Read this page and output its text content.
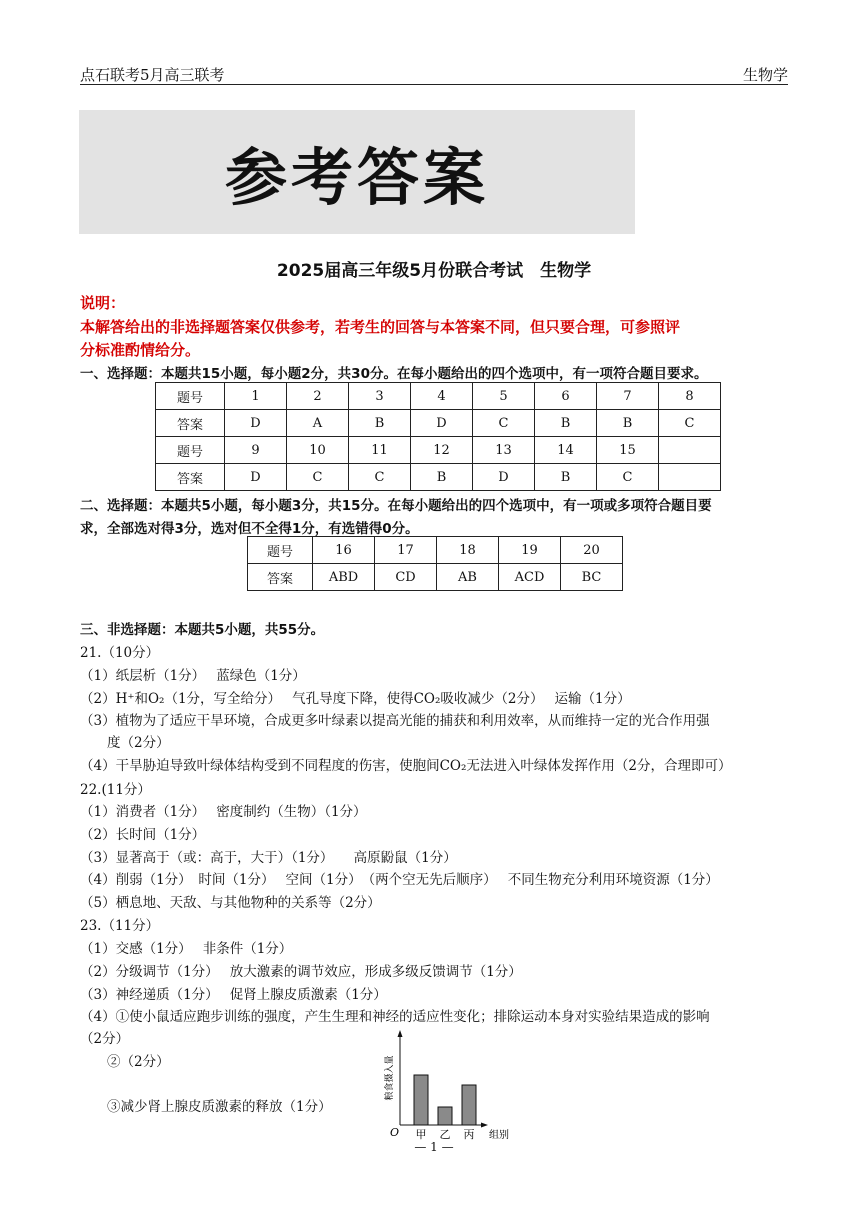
点石联考5月高三联考	生物学
参考答案
2025届高三年级5月份联合考试　生物学
说明：
本解答给出的非选择题答案仅供参考，若考生的回答与本答案不同，但只要合理，可参照评
分标准酌情给分。
一、选择题：本题共15小题，每小题2分，共30分。在每小题给出的四个选项中，有一项符合题目要求。
题号	1	2	3	4	5	6	7	8
答案	D	A	B	D	C	B	B	C
题号	9	10	11	12	13	14	15	
答案	D	C	C	B	D	B	C	
二、选择题：本题共5小题，每小题3分，共15分。在每小题给出的四个选项中，有一项或多项符合题目要
求，全部选对得3分，选对但不全得1分，有选错得0分。
题号	16	17	18	19	20
答案	ABD	CD	AB	ACD	BC
三、非选择题：本题共5小题，共55分。
21.（10分）
（1）纸层析（1分）　 蓝绿色（1分）
（2）H⁺和O₂（1分，写全给分）　 气孔导度下降，使得CO₂吸收减少（2分）　 运输（1分）
（3）植物为了适应干旱环境，合成更多叶绿素以提高光能的捕获和利用效率，从而维持一定的光合作用强
　　度（2分）
（4）干旱胁迫导致叶绿体结构受到不同程度的伤害，使胞间CO₂无法进入叶绿体发挥作用（2分，合理即可）
22.(11分）
（1）消费者（1分）　 密度制约（生物）（1分）
（2）长时间（1分）
（3）显著高于（或：高于，大于）（1分）　　高原鼢鼠（1分）
（4）削弱（1分）　时间（1分）　 空间（1分）　（两个空无先后顺序）　 不同生物充分利用环境资源（1分）
（5）栖息地、天敌、与其他物种的关系等（2分）
23.（11分）
（1）交感（1分）　 非条件（1分）
（2）分级调节（1分）　 放大激素的调节效应，形成多级反馈调节（1分）
（3）神经递质（1分）　 促肾上腺皮质激素（1分）
（4）①使小鼠适应跑步训练的强度，产生生理和神经的适应性变化；排除运动本身对实验结果造成的影响
（2分）
　　②（2分）
　　③减少肾上腺皮质激素的释放（1分）
O	组别
粮食摄入量
甲 乙 丙
— 1 —
